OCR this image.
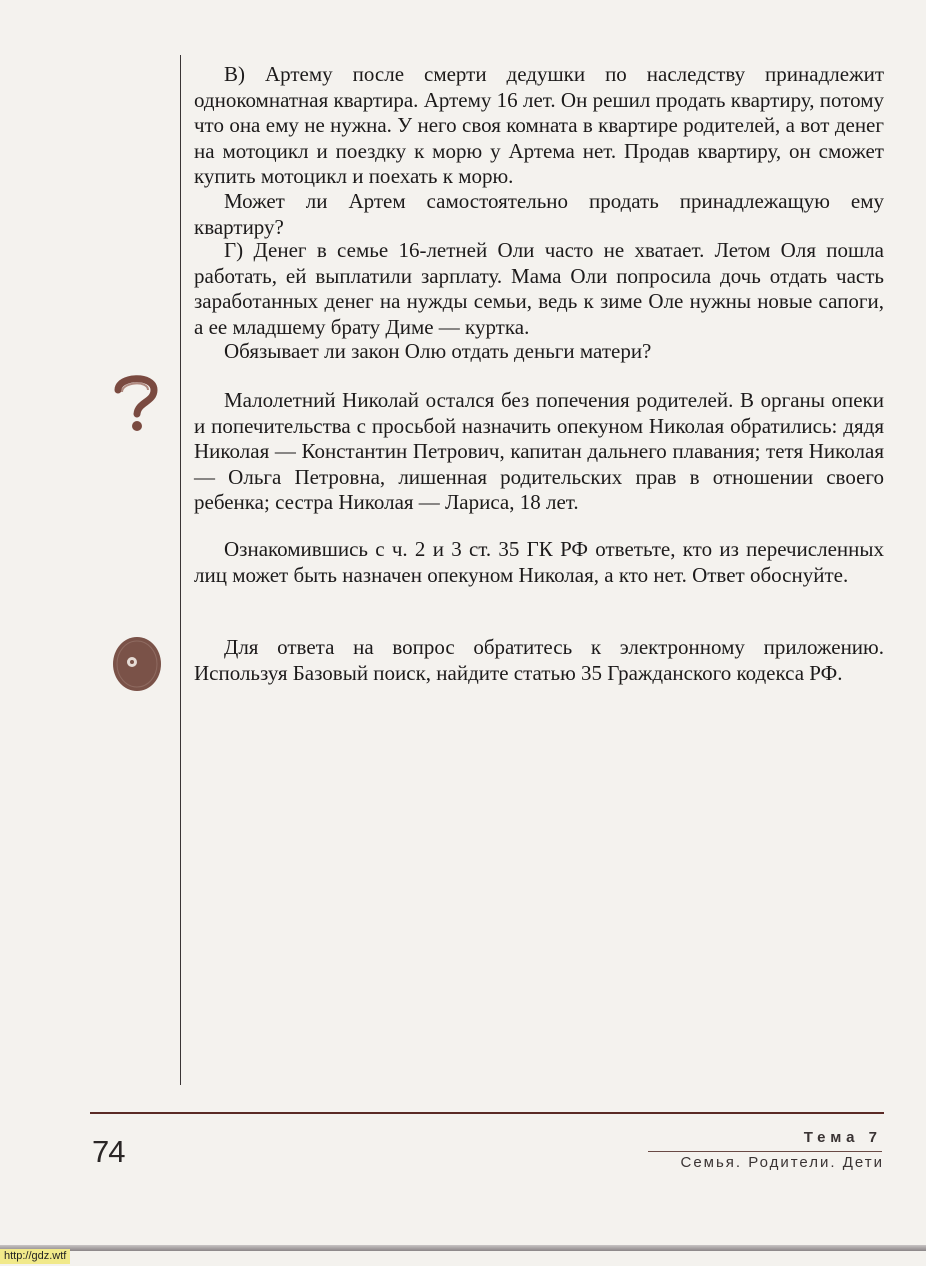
В) Артему после смерти дедушки по наследству принадлежит однокомнатная квартира. Артему 16 лет. Он решил продать квартиру, потому что она ему не нужна. У него своя комната в квартире родителей, а вот денег на мотоцикл и поездку к морю у Артема нет. Продав квартиру, он сможет купить мотоцикл и поехать к морю.

Может ли Артем самостоятельно продать принадлежащую ему квартиру?

Г) Денег в семье 16-летней Оли часто не хватает. Летом Оля пошла работать, ей выплатили зарплату. Мама Оли попросила дочь отдать часть заработанных денег на нужды семьи, ведь к зиме Оле нужны новые сапоги, а ее младшему брату Диме — куртка.

Обязывает ли закон Олю отдать деньги матери?

Малолетний Николай остался без попечения родителей. В органы опеки и попечительства с просьбой назначить опекуном Николая обратились: дядя Николая — Константин Петрович, капитан дальнего плавания; тетя Николая — Ольга Петровна, лишенная родительских прав в отношении своего ребенка; сестра Николая — Лариса, 18 лет.

Ознакомившись с ч. 2 и 3 ст. 35 ГК РФ ответьте, кто из перечисленных лиц может быть назначен опекуном Николая, а кто нет. Ответ обоснуйте.

Для ответа на вопрос обратитесь к электронному приложению. Используя Базовый поиск, найдите статью 35 Гражданского кодекса РФ.

74	Тема 7
Семья. Родители. Дети
http://gdz.wtf
